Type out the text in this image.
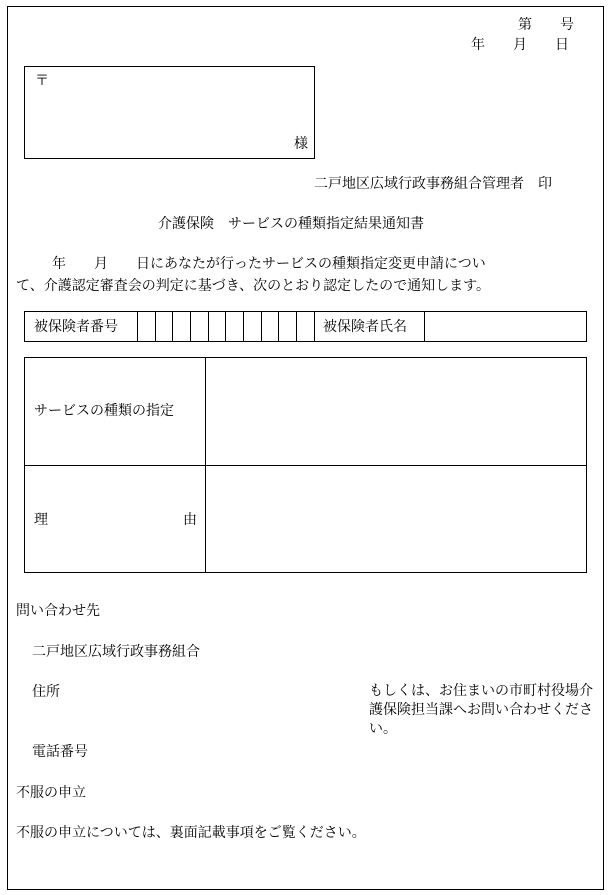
第　　号
年　　月　　日
〒
様
二戸地区広域行政事務組合管理者　印
介護保険　サービスの種類指定結果通知書
　　年　　月　　日にあなたが行ったサービスの種類指定変更申請につい
て、介護認定審査会の判定に基づき、次のとおり認定したので通知します。
被保険者番号	被保険者氏名
サービスの種類の指定
理	由
問い合わせ先
二戸地区広域行政事務組合
住所	もしくは、お住まいの市町村役場介護保険担当課へお問い合わせください。
電話番号
不服の申立
不服の申立については、裏面記載事項をご覧ください。
